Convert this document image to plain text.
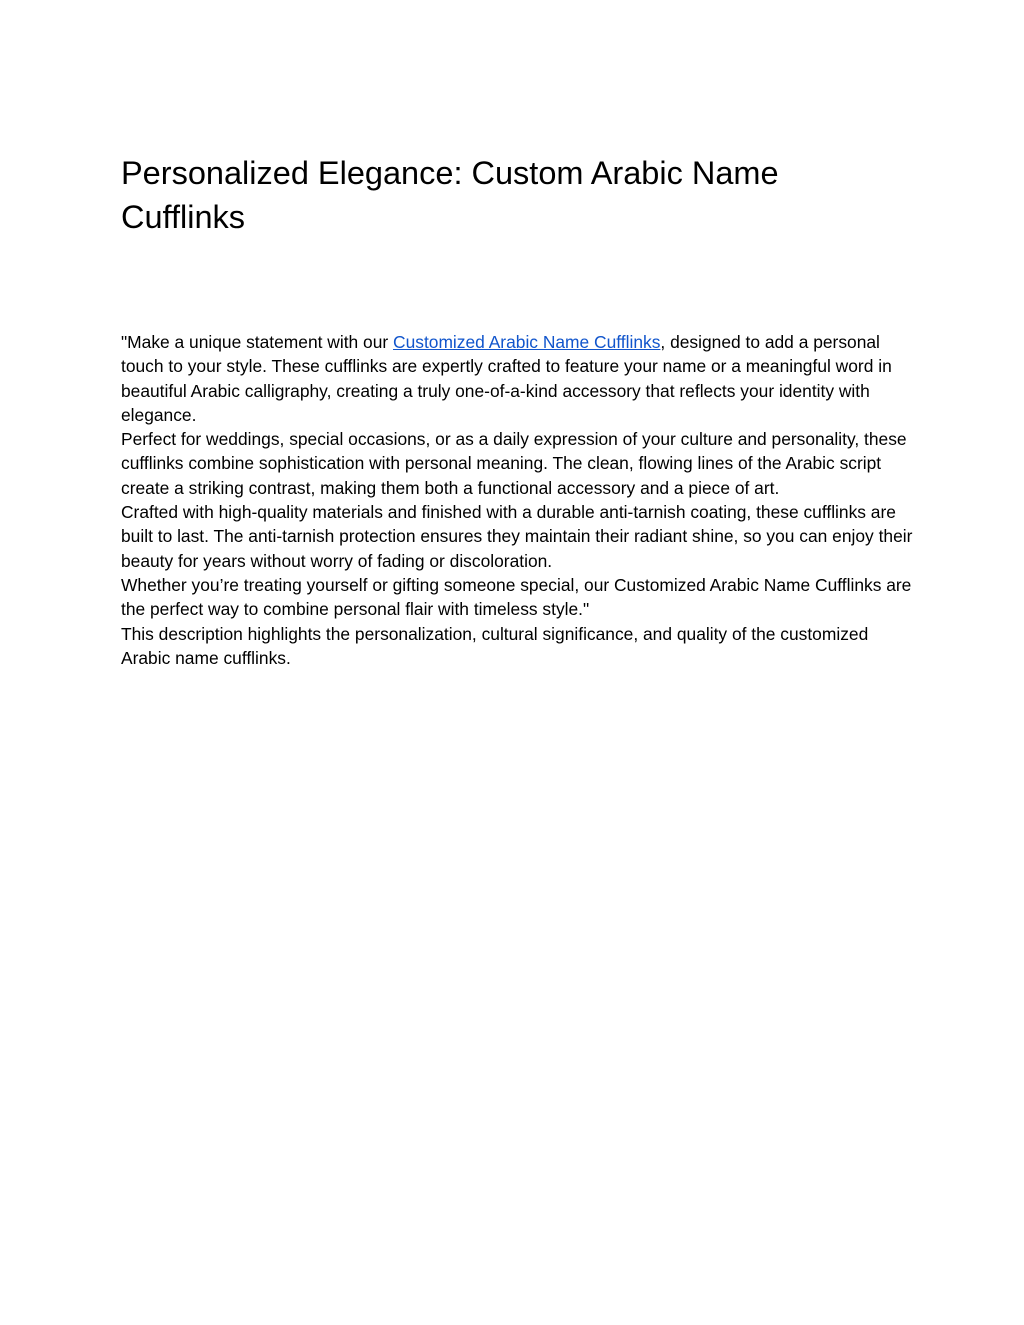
Personalized Elegance: Custom Arabic Name Cufflinks

"Make a unique statement with our Customized Arabic Name Cufflinks, designed to add a personal touch to your style. These cufflinks are expertly crafted to feature your name or a meaningful word in beautiful Arabic calligraphy, creating a truly one-of-a-kind accessory that reflects your identity with elegance.

Perfect for weddings, special occasions, or as a daily expression of your culture and personality, these cufflinks combine sophistication with personal meaning. The clean, flowing lines of the Arabic script create a striking contrast, making them both a functional accessory and a piece of art.

Crafted with high-quality materials and finished with a durable anti-tarnish coating, these cufflinks are built to last. The anti-tarnish protection ensures they maintain their radiant shine, so you can enjoy their beauty for years without worry of fading or discoloration.

Whether you’re treating yourself or gifting someone special, our Customized Arabic Name Cufflinks are the perfect way to combine personal flair with timeless style."

This description highlights the personalization, cultural significance, and quality of the customized Arabic name cufflinks.
